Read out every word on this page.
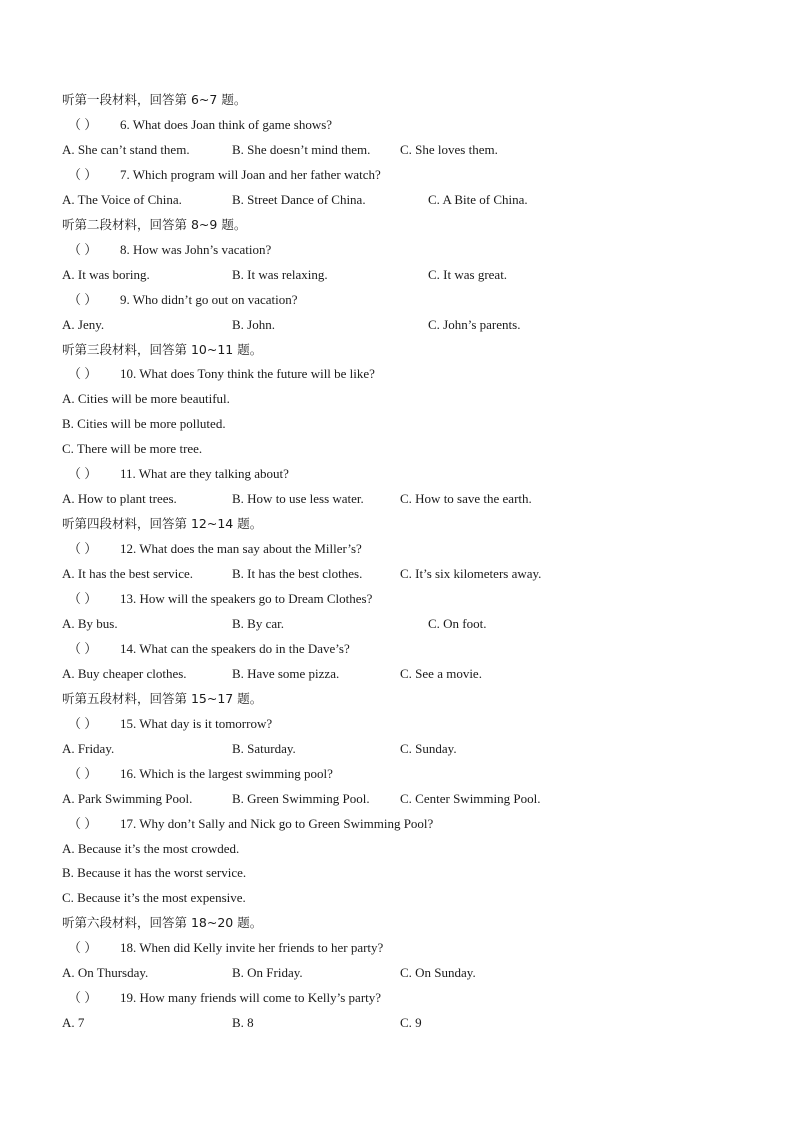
听第一段材料，回答第 6~7 题。
（ ） 6. What does Joan think of game shows?
A. She can’t stand them.	B. She doesn’t mind them. C. She loves them.
（ ） 7. Which program will Joan and her father watch?
A. The Voice of China.	B. Street Dance of China.	C. A Bite of China.
听第二段材料，回答第 8~9 题。
（ ） 8. How was John’s vacation?
A. It was boring.	B. It was relaxing.	C. It was great.
（ ） 9. Who didn’t go out on vacation?
A. Jeny.	B. John.	C. John’s parents.
听第三段材料，回答第 10~11 题。
（ ） 10. What does Tony think the future will be like?
A. Cities will be more beautiful.
B. Cities will be more polluted.
C. There will be more tree.
（ ） 11. What are they talking about?
A. How to plant trees.	B. How to use less water.	C. How to save the earth.
听第四段材料，回答第 12~14 题。
（ ） 12. What does the man say about the Miller’s?
A. It has the best service.	B. It has the best clothes.	C. It’s six kilometers away.
（ ） 13. How will the speakers go to Dream Clothes?
A. By bus.	B. By car.	C. On foot.
（ ） 14. What can the speakers do in the Dave’s?
A. Buy cheaper clothes.	B. Have some pizza.	C. See a movie.
听第五段材料，回答第 15~17 题。
（ ） 15. What day is it tomorrow?
A. Friday.	B. Saturday.	C. Sunday.
（ ） 16. Which is the largest swimming pool?
A. Park Swimming Pool.	B. Green Swimming Pool. C. Center Swimming Pool.
（ ） 17. Why don’t Sally and Nick go to Green Swimming Pool?
A. Because it’s the most crowded.
B. Because it has the worst service.
C. Because it’s the most expensive.
听第六段材料，回答第 18~20 题。
（ ） 18. When did Kelly invite her friends to her party?
A. On Thursday.	B. On Friday.	C. On Sunday.
（ ） 19. How many friends will come to Kelly’s party?
A. 7	B. 8	C. 9
